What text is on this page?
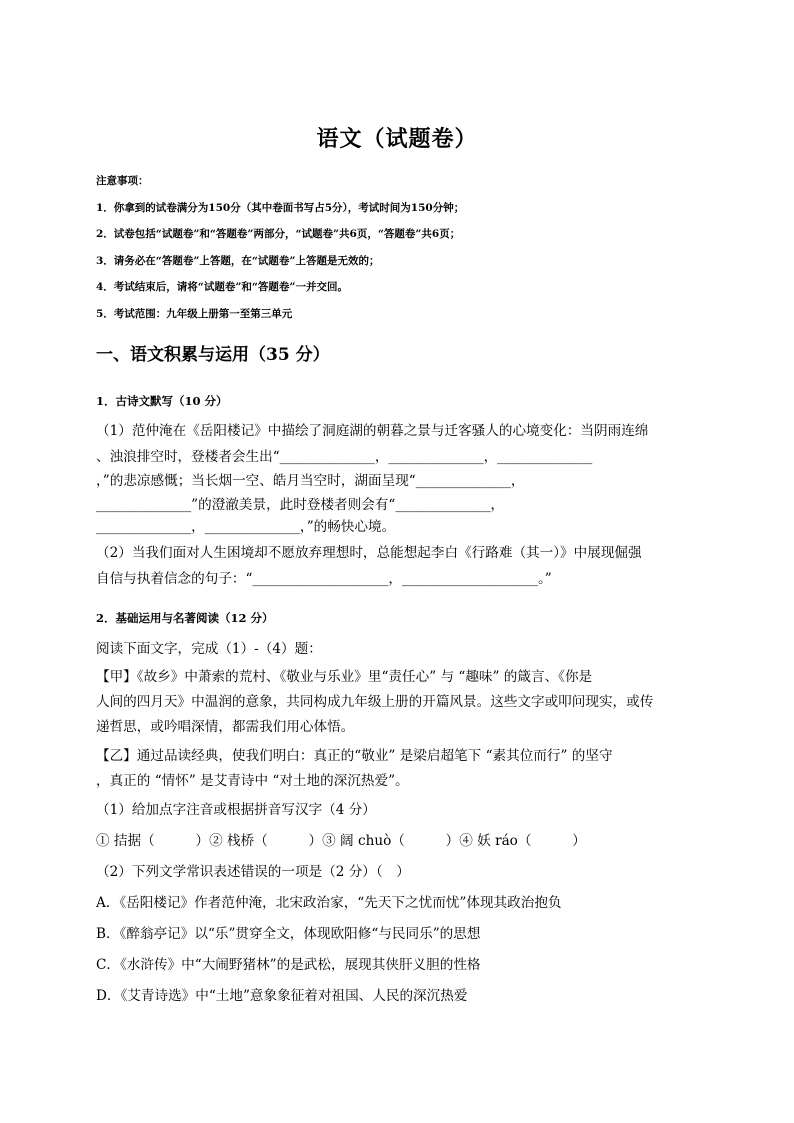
语文（试题卷）
注意事项：
1．你拿到的试卷满分为150分（其中卷面书写占5分），考试时间为150分钟；
2．试卷包括“试题卷”和“答题卷”两部分，“试题卷”共6页，“答题卷”共6页；
3．请务必在“答题卷”上答题，在“试题卷”上答题是无效的；
4．考试结束后，请将“试题卷”和“答题卷”一并交回。
5．考试范围：九年级上册第一至第三单元
一、语文积累与运用（35 分）
1．古诗文默写（10 分）
（1）范仲淹在《岳阳楼记》中描绘了洞庭湖的朝暮之景与迁客骚人的心境变化：当阴雨连绵
、浊浪排空时，登楼者会生出“______________，______________，______________
，”的悲凉感慨；当长烟一空、皓月当空时，湖面呈现“______________，
______________”的澄澈美景，此时登楼者则会有“______________，
______________，______________，”的畅快心境。
（2）当我们面对人生困境却不愿放弃理想时，总能想起李白《行路难（其一）》中展现倔强
自信与执着信念的句子：“____________________，____________________。”
2．基础运用与名著阅读（12 分）
阅读下面文字，完成（1）-（4）题：
【甲】《故乡》中萧索的荒村、《敬业与乐业》里“责任心” 与 “趣味” 的箴言、《你是
人间的四月天》中温润的意象，共同构成九年级上册的开篇风景。这些文字或叩问现实，或传
递哲思，或吟唱深情，都需我们用心体悟。
【乙】通过品读经典，使我们明白：真正的“敬业” 是梁启超笔下 “素其位而行” 的坚守
，真正的 “情怀” 是艾青诗中 “对土地的深沉热爱”。
（1）给加点字注音或根据拼音写汉字（4 分）
① 拮据（　　　）② 栈桥（　　　）③ 阔 chuò（　　　）④ 妖 ráo（　　　）
（2）下列文学常识表述错误的一项是（2 分）（　）
A．《岳阳楼记》作者范仲淹，北宋政治家，“先天下之忧而忧”体现其政治抱负
B．《醉翁亭记》以“乐”贯穿全文，体现欧阳修“与民同乐”的思想
C．《水浒传》中“大闹野猪林”的是武松，展现其侠肝义胆的性格
D．《艾青诗选》中“土地”意象象征着对祖国、人民的深沉热爱
